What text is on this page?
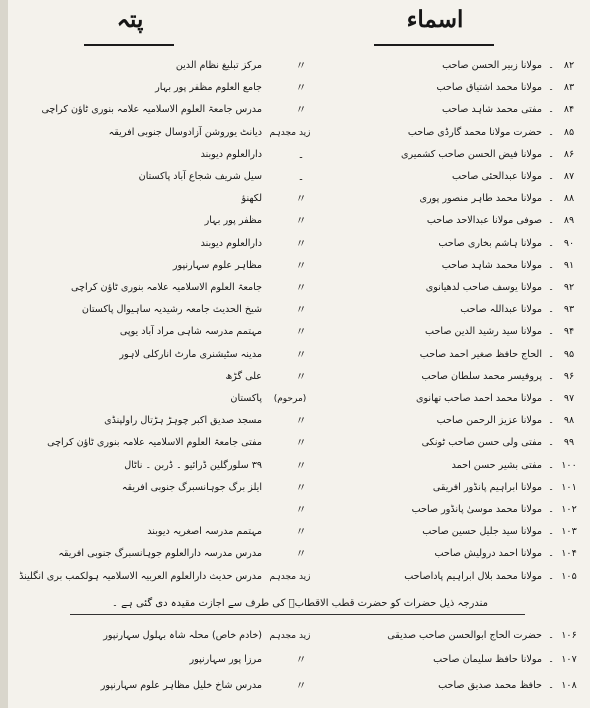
اسماء
پتہ
۸۲
۔
مولانا زبیر الحسن صاحب
〃
مرکز تبلیغ نظام الدین
۸۳
۔
مولانا محمد اشتیاق صاحب
〃
جامع العلوم مظفر پور بہار
۸۴
۔
مفتی محمد شاہد صاحب
〃
مدرس جامعۃ العلوم الاسلامیہ علامہ بنوری ٹاؤن کراچی
۸۵
۔
حضرت مولانا محمد گارڈی صاحب
زید مجدہم
دیانٹ یوروشن آزادوسال جنوبی افریقہ
۸۶
۔
مولانا فیض الحسن صاحب کشمیری
۔
دارالعلوم دیوبند
۸۷
۔
مولانا عبدالحئی صاحب
۔
سیل شریف شجاع آباد پاکستان
۸۸
۔
مولانا محمد طاہر منصور پوری
〃
لکھنؤ
۸۹
۔
صوفی مولانا عبدالاحد صاحب
〃
مظفر پور بہار
۹۰
۔
مولانا ہاشم بخاری صاحب
〃
دارالعلوم دیوبند
۹۱
۔
مولانا محمد شاہد صاحب
〃
مظاہر علوم سہارنپور
۹۲
۔
مولانا یوسف صاحب لدھیانوی
〃
جامعۃ العلوم الاسلامیہ علامہ بنوری ٹاؤن کراچی
۹۳
۔
مولانا عبداللہ صاحب
〃
شیخ الحدیث جامعہ رشیدیہ ساہیوال پاکستان
۹۴
۔
مولانا سید رشید الدین صاحب
〃
مہتمم مدرسہ شاہی مراد آباد یوپی
۹۵
۔
الحاج حافظ صغیر احمد صاحب
〃
مدینہ سٹیشنری مارٹ انارکلی لاہور
۹۶
۔
پروفیسر محمد سلطان صاحب
〃
علی گڑھ
۹۷
۔
مولانا محمد احمد صاحب تھانوی
(مرحوم)
پاکستان
۹۸
۔
مولانا عزیز الرحمن صاحب
〃
مسجد صدیق اکبر چوہڑ ہڑتال راولپنڈی
۹۹
۔
مفتی ولی حسن صاحب ٹونکی
〃
مفتی جامعۃ العلوم الاسلامیہ علامہ بنوری ٹاؤن کراچی
۱۰۰
۔
مفتی بشیر حسن احمد
〃
۳۹ سلورگلین ڈرائیو ۔ ڈربن ۔ ناٹال
۱۰۱
۔
مولانا ابراہیم پانڈور افریقی
〃
ایلز برگ جوہانسبرگ جنوبی افریقہ
۱۰۲
۔
مولانا محمد موسیٰ پانڈور صاحب
〃
۱۰۳
۔
مولانا سید جلیل حسین صاحب
〃
مہتمم مدرسہ اصغریہ دیوبند
۱۰۴
۔
مولانا احمد درولیش صاحب
〃
مدرس مدرسہ دارالعلوم جوہانسبرگ جنوبی افریقہ
۱۰۵
۔
مولانا محمد بلال ابراہیم پاداصاحب
زید مجدہم
مدرس حدیث دارالعلوم العربیہ الاسلامیہ ہولکمب بری انگلینڈ
۱۰۶
۔
حضرت الحاج ابوالحسن صاحب صدیقی
زید مجدہم
(خادم خاص) محلہ شاہ بہلول سہارنپور
۱۰۷
۔
مولانا حافظ سلیمان صاحب
〃
مرزا پور سہارنپور
۱۰۸
۔
حافظ محمد صدیق صاحب
〃
مدرس شاخ خلیل مظاہر علوم سہارنپور
مندرجہ ذیل حضرات کو حضرت قطب الاقطابؒ کی طرف سے اجازت مقیدہ دی گئی ہے ۔
